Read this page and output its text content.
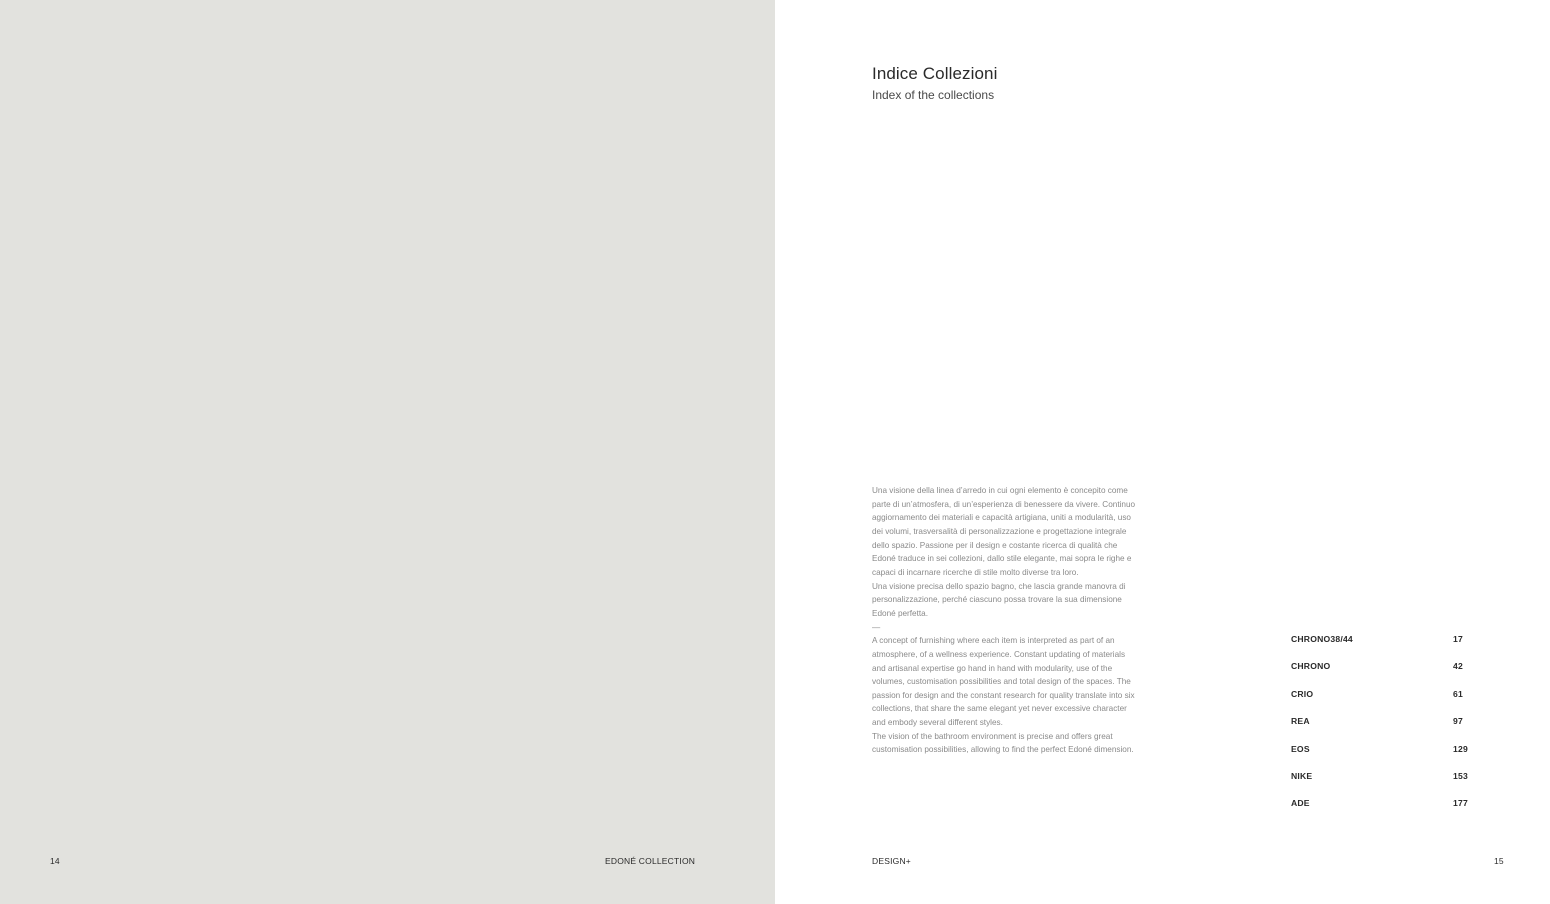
14	EDONÉ COLLECTION
Indice Collezioni
Index of the collections

Una visione della linea d’arredo in cui ogni elemento è concepito come parte di un’atmosfera, di un’esperienza di benessere da vivere. Continuo aggiornamento dei materiali e capacità artigiana, uniti a modularità, uso dei volumi, trasversalità di personalizzazione e progettazione integrale dello spazio. Passione per il design e costante ricerca di qualità che Edoné traduce in sei collezioni, dallo stile elegante, mai sopra le righe e capaci di incarnare ricerche di stile molto diverse tra loro.

Una visione precisa dello spazio bagno, che lascia grande manovra di personalizzazione, perché ciascuno possa trovare la sua dimensione Edoné perfetta.

—

A concept of furnishing where each item is interpreted as part of an atmosphere, of a wellness experience. Constant updating of materials and artisanal expertise go hand in hand with modularity, use of the volumes, customisation possibilities and total design of the spaces. The passion for design and the constant research for quality translate into six collections, that share the same elegant yet never excessive character and embody several different styles.

The vision of the bathroom environment is precise and offers great customisation possibilities, allowing to find the perfect Edoné dimension.

CHRONO38/44	17
CHRONO	42
CRIO	61
REA	97
EOS	129
NIKE	153
ADE	177
DESIGN+	15
